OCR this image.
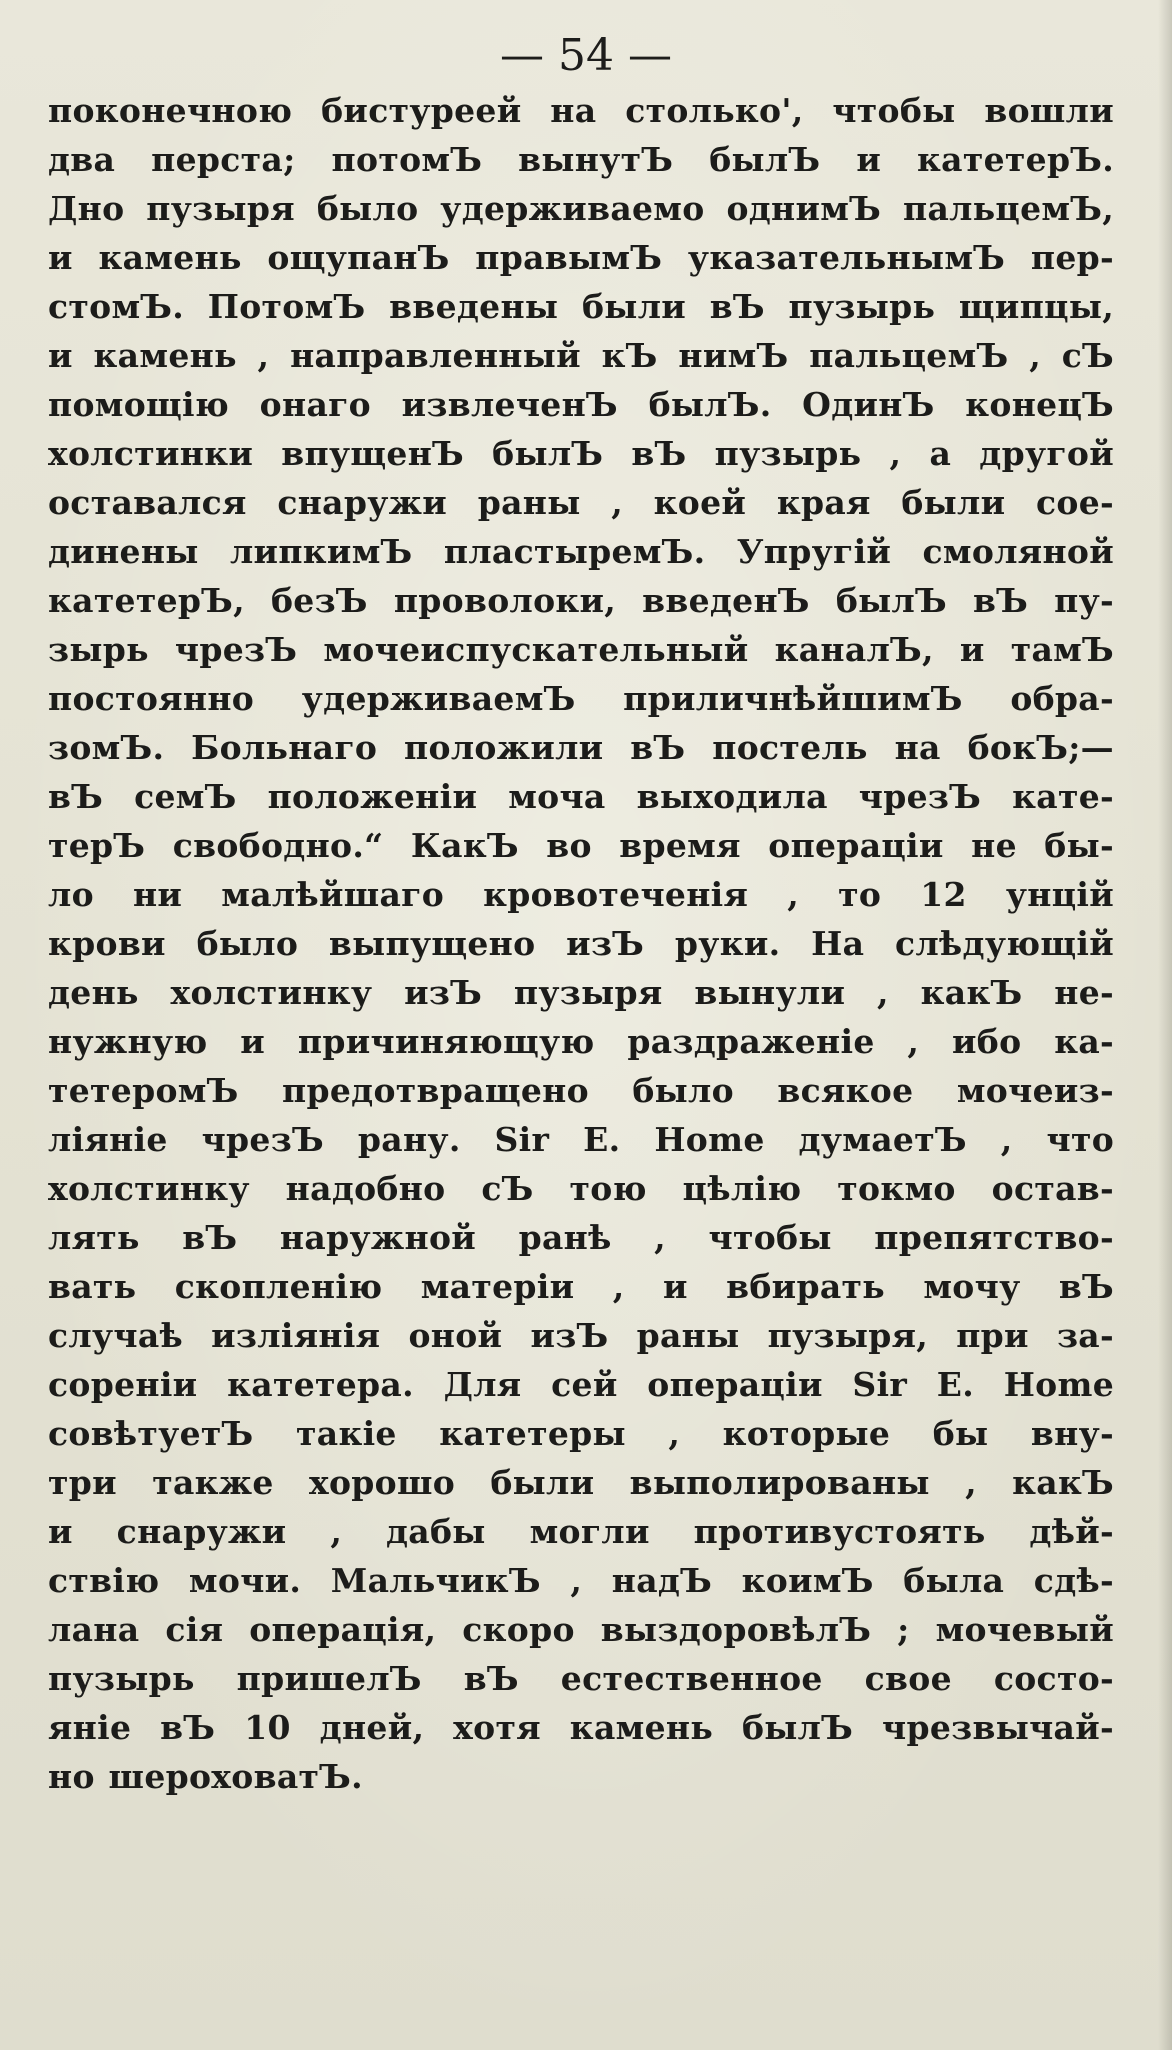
— 54 —
поконечною бистуреей на столько', чтобы вошли
два перста; потомЪ вынутЪ былЪ и катетерЪ.
Дно пузыря было удерживаемо однимЪ пальцемЪ,
и камень ощупанЪ правымЪ указательнымЪ пер-
стомЪ. ПотомЪ введены были вЪ пузырь щипцы,
и камень , направленный кЪ нимЪ пальцемЪ , сЪ
помощію онаго извлеченЪ былЪ. ОдинЪ конецЪ
холстинки впущенЪ былЪ вЪ пузырь , а другой
оставался снаружи раны , коей края были сое-
динены липкимЪ пластыремЪ. Упругій смоляной
катетерЪ, безЪ проволоки, введенЪ былЪ вЪ пу-
зырь чрезЪ мочеиспускательный каналЪ, и тамЪ
постоянно удерживаемЪ приличнѣйшимЪ обра-
зомЪ. Больнаго положили вЪ постель на бокЪ;—
вЪ семЪ положеніи моча выходила чрезЪ кате-
терЪ свободно.“ КакЪ во время операціи не бы-
ло ни малѣйшаго кровотеченія , то 12 унцій
крови было выпущено изЪ руки. На слѣдующій
день холстинку изЪ пузыря вынули , какЪ не-
нужную и причиняющую раздраженіе , ибо ка-
тетеромЪ предотвращено было всякое мочеиз-
ліяніе чрезЪ рану. Sir E. Home думаетЪ , что
холстинку надобно сЪ тою цѣлію токмо остав-
лять вЪ наружной ранѣ , чтобы препятство-
вать скопленію матеріи , и вбирать мочу вЪ
случаѣ изліянія оной изЪ раны пузыря, при за-
сореніи катетера. Для сей операціи Sir E. Home
совѣтуетЪ такіе катетеры , которые бы вну-
три также хорошо были выполированы , какЪ
и снаружи , дабы могли противустоять дѣй-
ствію мочи. МальчикЪ , надЪ коимЪ была сдѣ-
лана сія операція, скоро выздоровѣлЪ ; мочевый
пузырь пришелЪ вЪ естественное свое состо-
яніе вЪ 10 дней, хотя камень былЪ чрезвычай-
но шероховатЪ.
